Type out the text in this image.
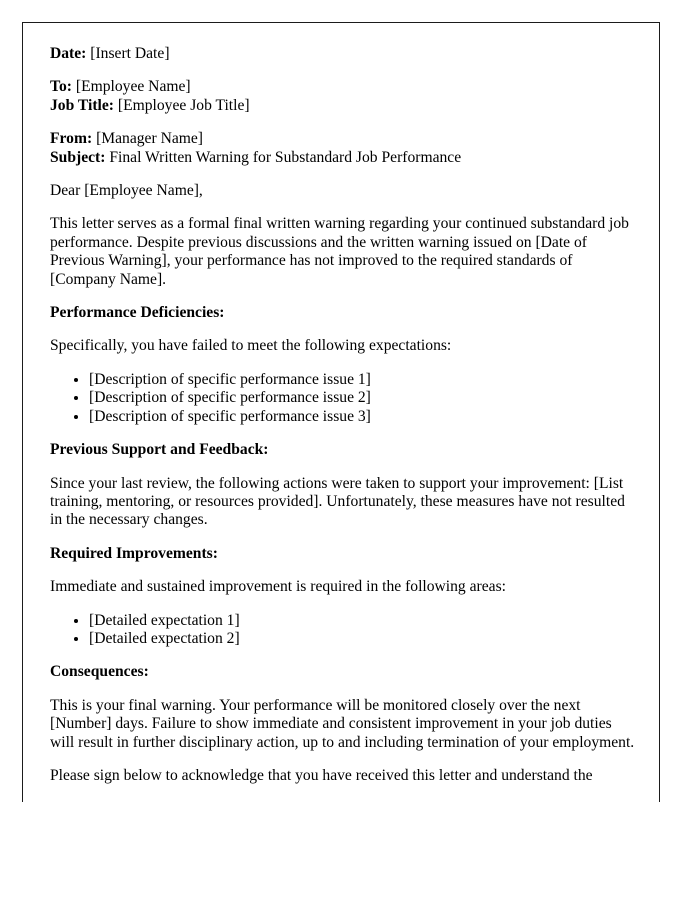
Date: [Insert Date]

To: [Employee Name]

Job Title: [Employee Job Title]

From: [Manager Name]

Subject: Final Written Warning for Substandard Job Performance

Dear [Employee Name],

This letter serves as a formal final written warning regarding your continued substandard job performance. Despite previous discussions and the written warning issued on [Date of Previous Warning], your performance has not improved to the required standards of [Company Name].

Performance Deficiencies:

Specifically, you have failed to meet the following expectations:

• [Description of specific performance issue 1]
• [Description of specific performance issue 2]
• [Description of specific performance issue 3]

Previous Support and Feedback:

Since your last review, the following actions were taken to support your improvement: [List training, mentoring, or resources provided]. Unfortunately, these measures have not resulted in the necessary changes.

Required Improvements:

Immediate and sustained improvement is required in the following areas:

• [Detailed expectation 1]
• [Detailed expectation 2]

Consequences:

This is your final warning. Your performance will be monitored closely over the next [Number] days. Failure to show immediate and consistent improvement in your job duties will result in further disciplinary action, up to and including termination of your employment.

Please sign below to acknowledge that you have received this letter and understand the
